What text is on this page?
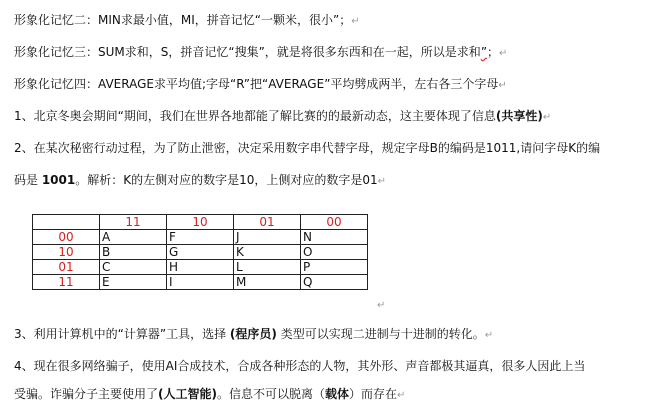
形象化记忆二：MIN求最小值，MI，拼音记忆“一颗米，很小”；↵
形象化记忆三：SUM求和，S，拼音记忆“搜集”，就是将很多东西和在一起，所以是求和”；↵
形象化记忆四：AVERAGE求平均值;字母“R”把“AVERAGE”平均劈成两半，左右各三个字母↵
1、北京冬奥会期间“期间，我们在世界各地都能了解比赛的的最新动态，这主要体现了信息(共享性)↵
2、在某次秘密行动过程，为了防止泄密，决定采用数字串代替字母，规定字母B的编码是1011,请问字母K的编
码是 1001。解析：K的左侧对应的数字是10，上侧对应的数字是01↵
	11	10	01	00
00	A	F	J	N
10	B	G	K	O
01	C	H	L	P
11	E	I	M	Q
↵
3、利用计算机中的“计算器”工具，选择 (程序员) 类型可以实现二进制与十进制的转化。↵
4、现在很多网络骗子，使用AI合成技术，合成各种形态的人物，其外形、声音都极其逼真，很多人因此上当
受骗。诈骗分子主要使用了(人工智能)。信息不可以脱离（载体）而存在↵
